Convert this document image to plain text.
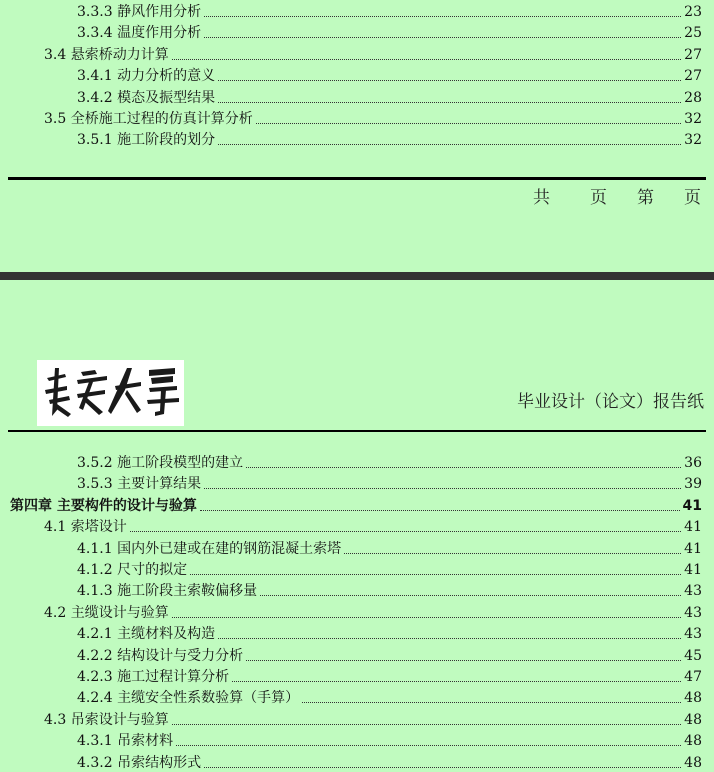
3.3.3 静风作用分析	23
3.3.4 温度作用分析	25
3.4 悬索桥动力计算	27
3.4.1 动力分析的意义	27
3.4.2 模态及振型结果	28
3.5 全桥施工过程的仿真计算分析	32
3.5.1 施工阶段的划分	32
共 页 第 页
毕业设计（论文）报告纸
3.5.2 施工阶段模型的建立	36
3.5.3 主要计算结果	39
第四章 主要构件的设计与验算	41
4.1 索塔设计	41
4.1.1 国内外已建或在建的钢筋混凝土索塔	41
4.1.2 尺寸的拟定	41
4.1.3 施工阶段主索鞍偏移量	43
4.2 主缆设计与验算	43
4.2.1 主缆材料及构造	43
4.2.2 结构设计与受力分析	45
4.2.3 施工过程计算分析	47
4.2.4 主缆安全性系数验算（手算）	48
4.3 吊索设计与验算	48
4.3.1 吊索材料	48
4.3.2 吊索结构形式	48
